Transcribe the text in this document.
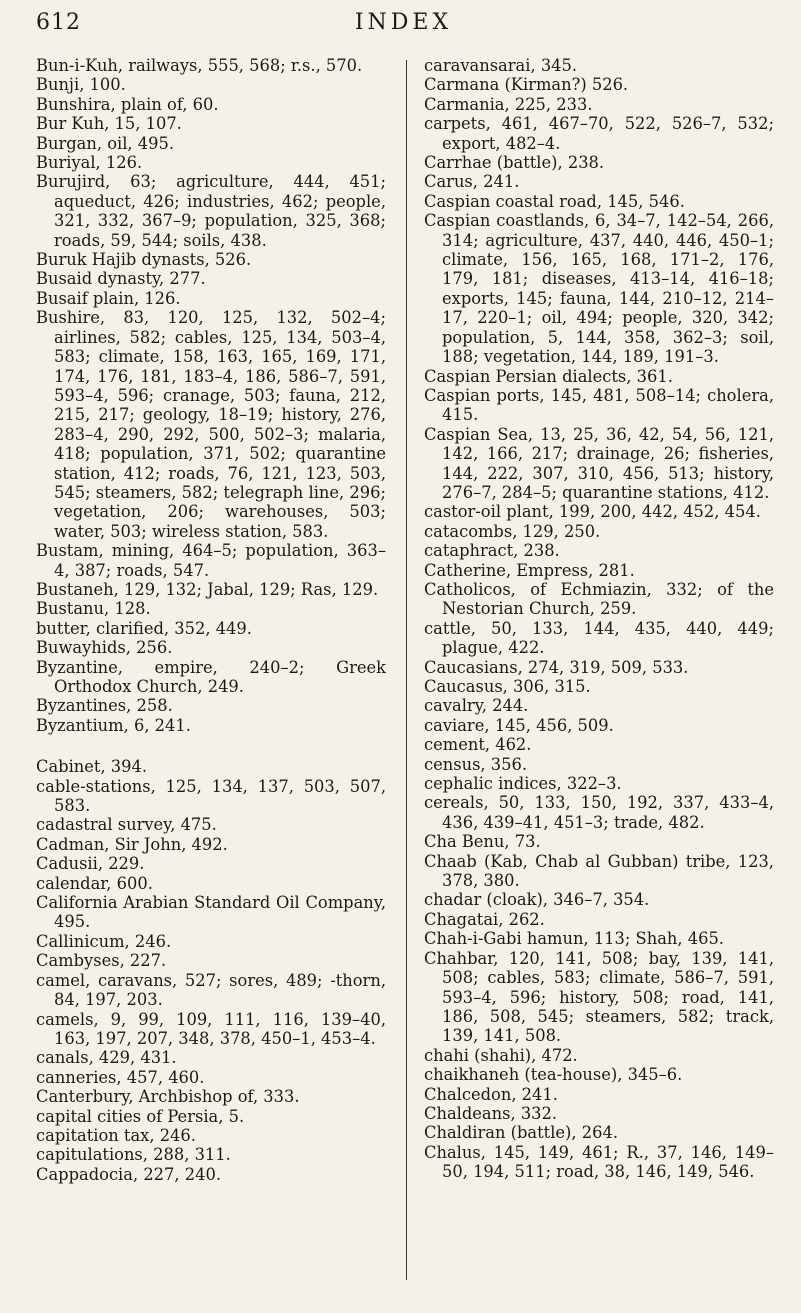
612	INDEX

Bun-i-Kuh, railways, 555, 568; r.s., 570.

Bunji, 100.

Bunshira, plain of, 60.

Bur Kuh, 15, 107.

Burgan, oil, 495.

Buriyal, 126.

Burujird, 63; agriculture, 444, 451; aqueduct, 426; industries, 462; people, 321, 332, 367–9; population, 325, 368; roads, 59, 544; soils, 438.

Buruk Hajib dynasts, 526.

Busaid dynasty, 277.

Busaif plain, 126.

Bushire, 83, 120, 125, 132, 502–4; airlines, 582; cables, 125, 134, 503–4, 583; climate, 158, 163, 165, 169, 171, 174, 176, 181, 183–4, 186, 586–7, 591, 593–4, 596; cranage, 503; fauna, 212, 215, 217; geology, 18–19; history, 276, 283–4, 290, 292, 500, 502–3; malaria, 418; population, 371, 502; quarantine station, 412; roads, 76, 121, 123, 503, 545; steamers, 582; telegraph line, 296; vegetation, 206; warehouses, 503; water, 503; wireless station, 583.

Bustam, mining, 464–5; population, 363–4, 387; roads, 547.

Bustaneh, 129, 132; Jabal, 129; Ras, 129.

Bustanu, 128.

butter, clarified, 352, 449.

Buwayhids, 256.

Byzantine, empire, 240–2; Greek Orthodox Church, 249.

Byzantines, 258.

Byzantium, 6, 241.

Cabinet, 394.

cable-stations, 125, 134, 137, 503, 507, 583.

cadastral survey, 475.

Cadman, Sir John, 492.

Cadusii, 229.

calendar, 600.

California Arabian Standard Oil Company, 495.

Callinicum, 246.

Cambyses, 227.

camel, caravans, 527; sores, 489; -thorn, 84, 197, 203.

camels, 9, 99, 109, 111, 116, 139–40, 163, 197, 207, 348, 378, 450–1, 453–4.

canals, 429, 431.

canneries, 457, 460.

Canterbury, Archbishop of, 333.

capital cities of Persia, 5.

capitation tax, 246.

capitulations, 288, 311.

Cappadocia, 227, 240.

caravansarai, 345.

Carmana (Kirman?) 526.

Carmania, 225, 233.

carpets, 461, 467–70, 522, 526–7, 532; export, 482–4.

Carrhae (battle), 238.

Carus, 241.

Caspian coastal road, 145, 546.

Caspian coastlands, 6, 34–7, 142–54, 266, 314; agriculture, 437, 440, 446, 450–1; climate, 156, 165, 168, 171–2, 176, 179, 181; diseases, 413–14, 416–18; exports, 145; fauna, 144, 210–12, 214–17, 220–1; oil, 494; people, 320, 342; population, 5, 144, 358, 362–3; soil, 188; vegetation, 144, 189, 191–3.

Caspian Persian dialects, 361.

Caspian ports, 145, 481, 508–14; cholera, 415.

Caspian Sea, 13, 25, 36, 42, 54, 56, 121, 142, 166, 217; drainage, 26; fisheries, 144, 222, 307, 310, 456, 513; history, 276–7, 284–5; quarantine stations, 412.

castor-oil plant, 199, 200, 442, 452, 454.

catacombs, 129, 250.

cataphract, 238.

Catherine, Empress, 281.

Catholicos, of Echmiazin, 332; of the Nestorian Church, 259.

cattle, 50, 133, 144, 435, 440, 449; plague, 422.

Caucasians, 274, 319, 509, 533.

Caucasus, 306, 315.

cavalry, 244.

caviare, 145, 456, 509.

cement, 462.

census, 356.

cephalic indices, 322–3.

cereals, 50, 133, 150, 192, 337, 433–4, 436, 439–41, 451–3; trade, 482.

Cha Benu, 73.

Chaab (Kab, Chab al Gubban) tribe, 123, 378, 380.

chadar (cloak), 346–7, 354.

Chagatai, 262.

Chah-i-Gabi hamun, 113; Shah, 465.

Chahbar, 120, 141, 508; bay, 139, 141, 508; cables, 583; climate, 586–7, 591, 593–4, 596; history, 508; road, 141, 186, 508, 545; steamers, 582; track, 139, 141, 508.

chahi (shahi), 472.

chaikhaneh (tea-house), 345–6.

Chalcedon, 241.

Chaldeans, 332.

Chaldiran (battle), 264.

Chalus, 145, 149, 461; R., 37, 146, 149–50, 194, 511; road, 38, 146, 149, 546.
